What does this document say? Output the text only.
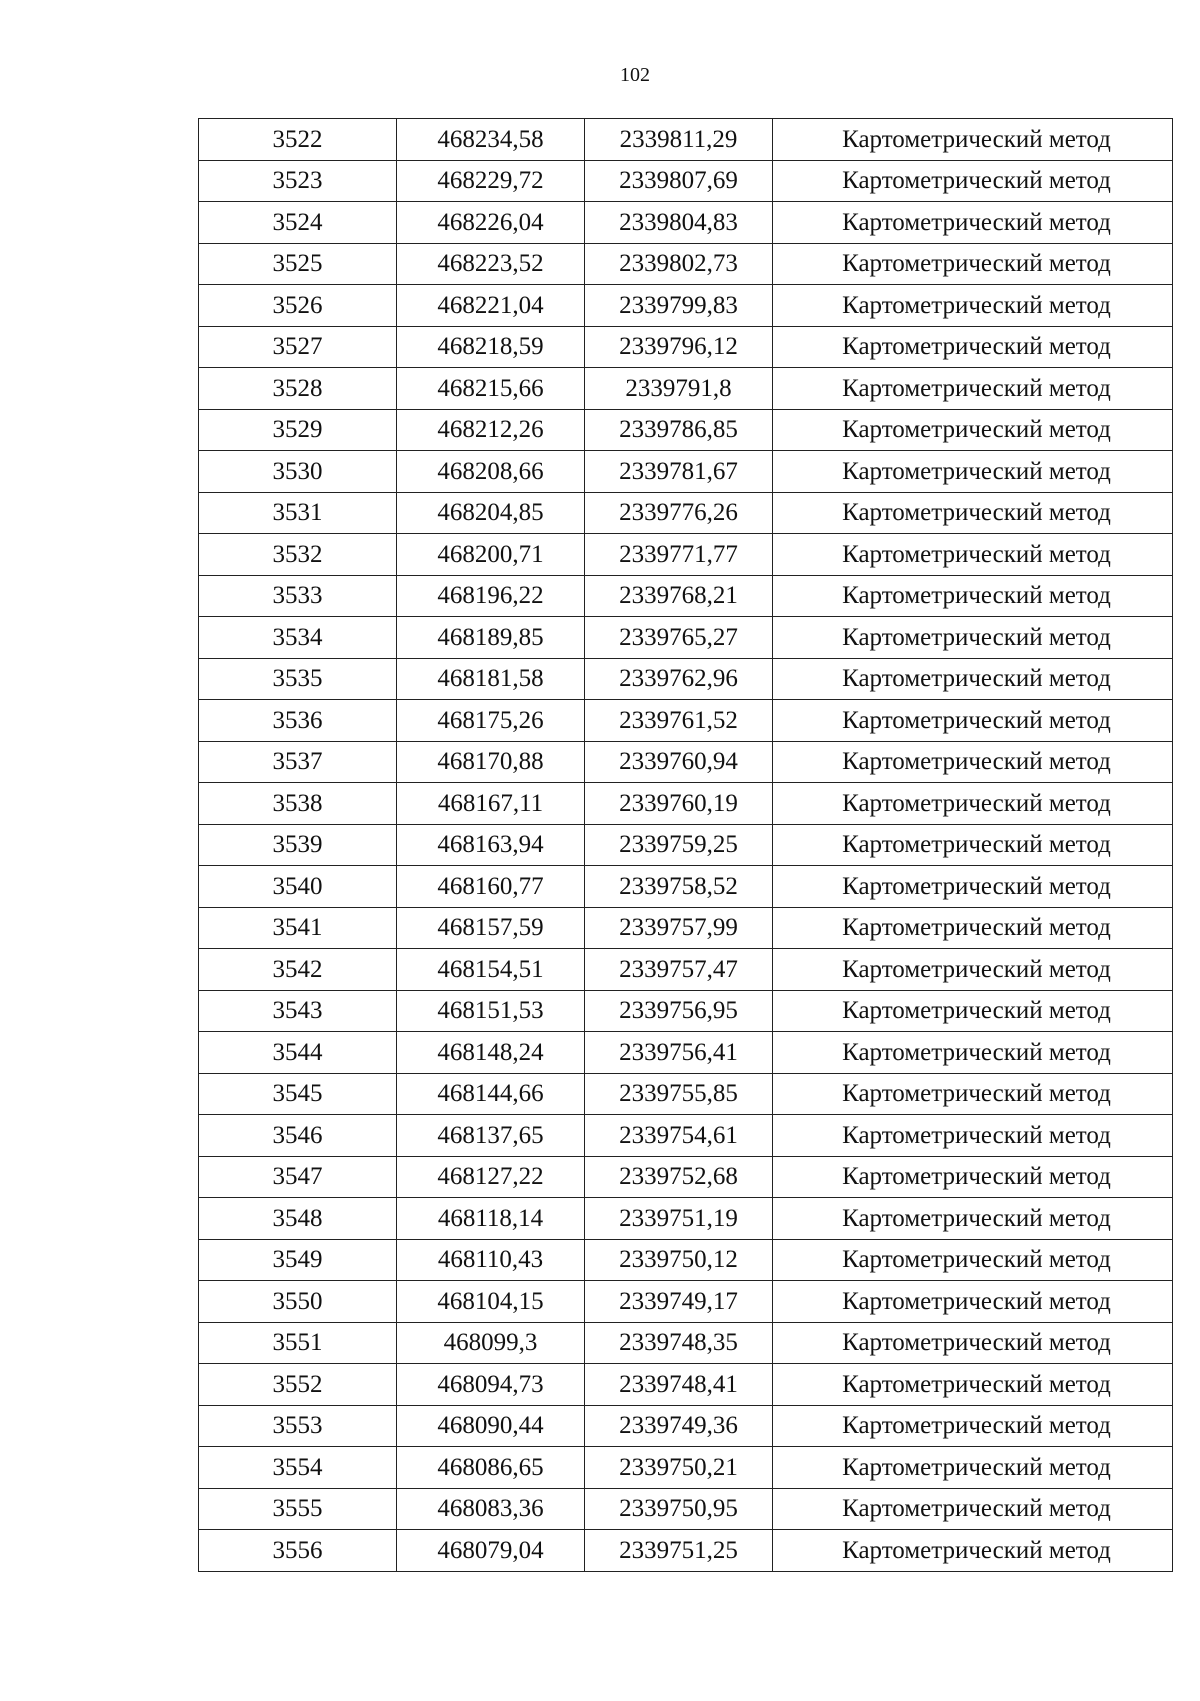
102
3522	468234,58	2339811,29	Картометрический метод
3523	468229,72	2339807,69	Картометрический метод
3524	468226,04	2339804,83	Картометрический метод
3525	468223,52	2339802,73	Картометрический метод
3526	468221,04	2339799,83	Картометрический метод
3527	468218,59	2339796,12	Картометрический метод
3528	468215,66	2339791,8	Картометрический метод
3529	468212,26	2339786,85	Картометрический метод
3530	468208,66	2339781,67	Картометрический метод
3531	468204,85	2339776,26	Картометрический метод
3532	468200,71	2339771,77	Картометрический метод
3533	468196,22	2339768,21	Картометрический метод
3534	468189,85	2339765,27	Картометрический метод
3535	468181,58	2339762,96	Картометрический метод
3536	468175,26	2339761,52	Картометрический метод
3537	468170,88	2339760,94	Картометрический метод
3538	468167,11	2339760,19	Картометрический метод
3539	468163,94	2339759,25	Картометрический метод
3540	468160,77	2339758,52	Картометрический метод
3541	468157,59	2339757,99	Картометрический метод
3542	468154,51	2339757,47	Картометрический метод
3543	468151,53	2339756,95	Картометрический метод
3544	468148,24	2339756,41	Картометрический метод
3545	468144,66	2339755,85	Картометрический метод
3546	468137,65	2339754,61	Картометрический метод
3547	468127,22	2339752,68	Картометрический метод
3548	468118,14	2339751,19	Картометрический метод
3549	468110,43	2339750,12	Картометрический метод
3550	468104,15	2339749,17	Картометрический метод
3551	468099,3	2339748,35	Картометрический метод
3552	468094,73	2339748,41	Картометрический метод
3553	468090,44	2339749,36	Картометрический метод
3554	468086,65	2339750,21	Картометрический метод
3555	468083,36	2339750,95	Картометрический метод
3556	468079,04	2339751,25	Картометрический метод
